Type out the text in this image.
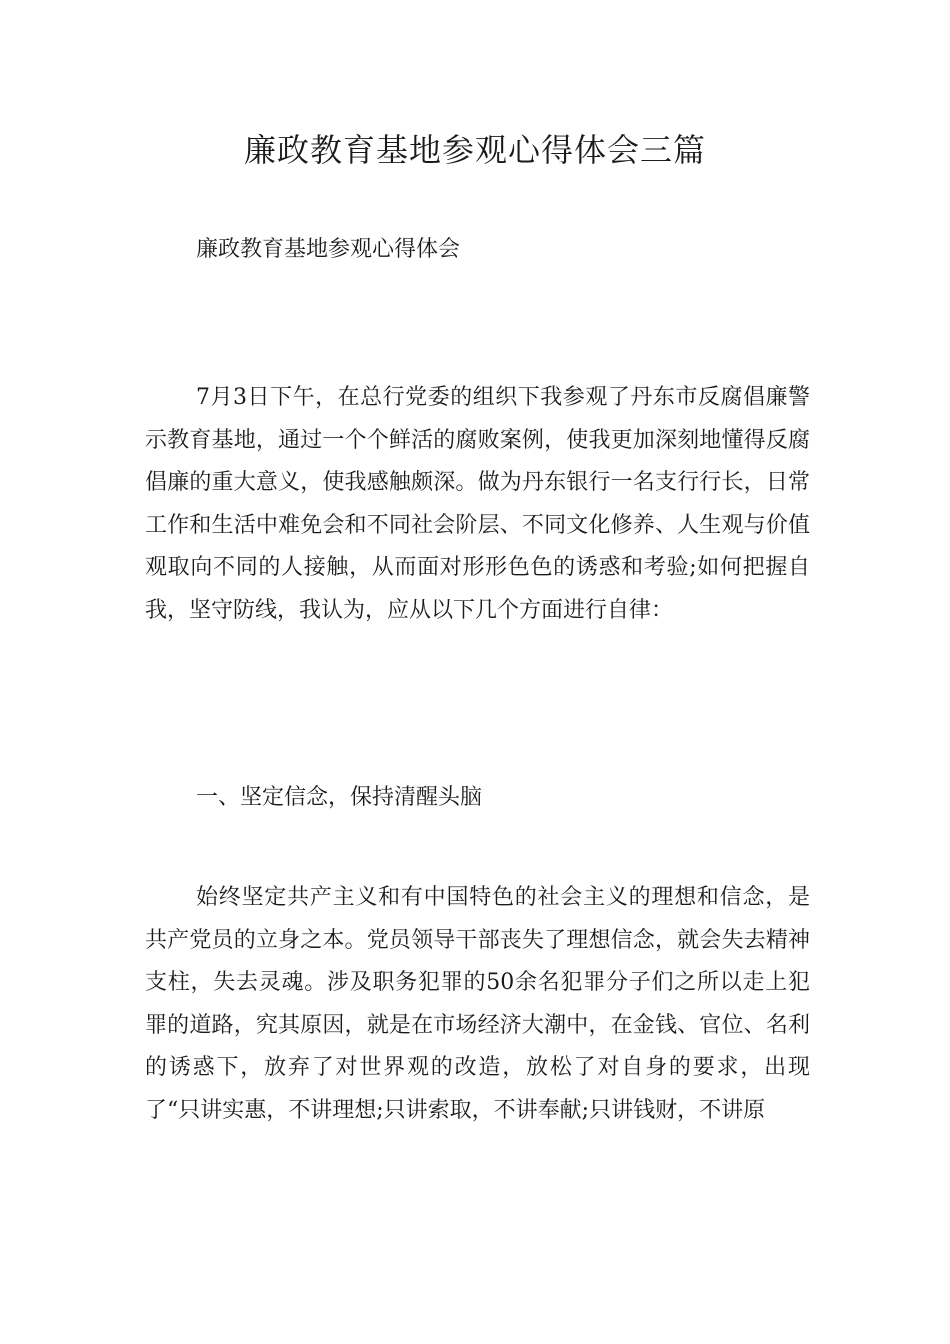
廉政教育基地参观心得体会三篇

廉政教育基地参观心得体会

7月3日下午，在总行党委的组织下我参观了丹东市反腐倡廉警示教育基地，通过一个个鲜活的腐败案例，使我更加深刻地懂得反腐倡廉的重大意义，使我感触颇深。做为丹东银行一名支行行长，日常工作和生活中难免会和不同社会阶层、不同文化修养、人生观与价值观取向不同的人接触，从而面对形形色色的诱惑和考验;如何把握自我，坚守防线，我认为，应从以下几个方面进行自律：

一、坚定信念，保持清醒头脑

始终坚定共产主义和有中国特色的社会主义的理想和信念，是共产党员的立身之本。党员领导干部丧失了理想信念，就会失去精神支柱，失去灵魂。涉及职务犯罪的50余名犯罪分子们之所以走上犯罪的道路，究其原因，就是在市场经济大潮中，在金钱、官位、名利的诱惑下，放弃了对世界观的改造，放松了对自身的要求，出现了“只讲实惠，不讲理想;只讲索取，不讲奉献;只讲钱财，不讲原
